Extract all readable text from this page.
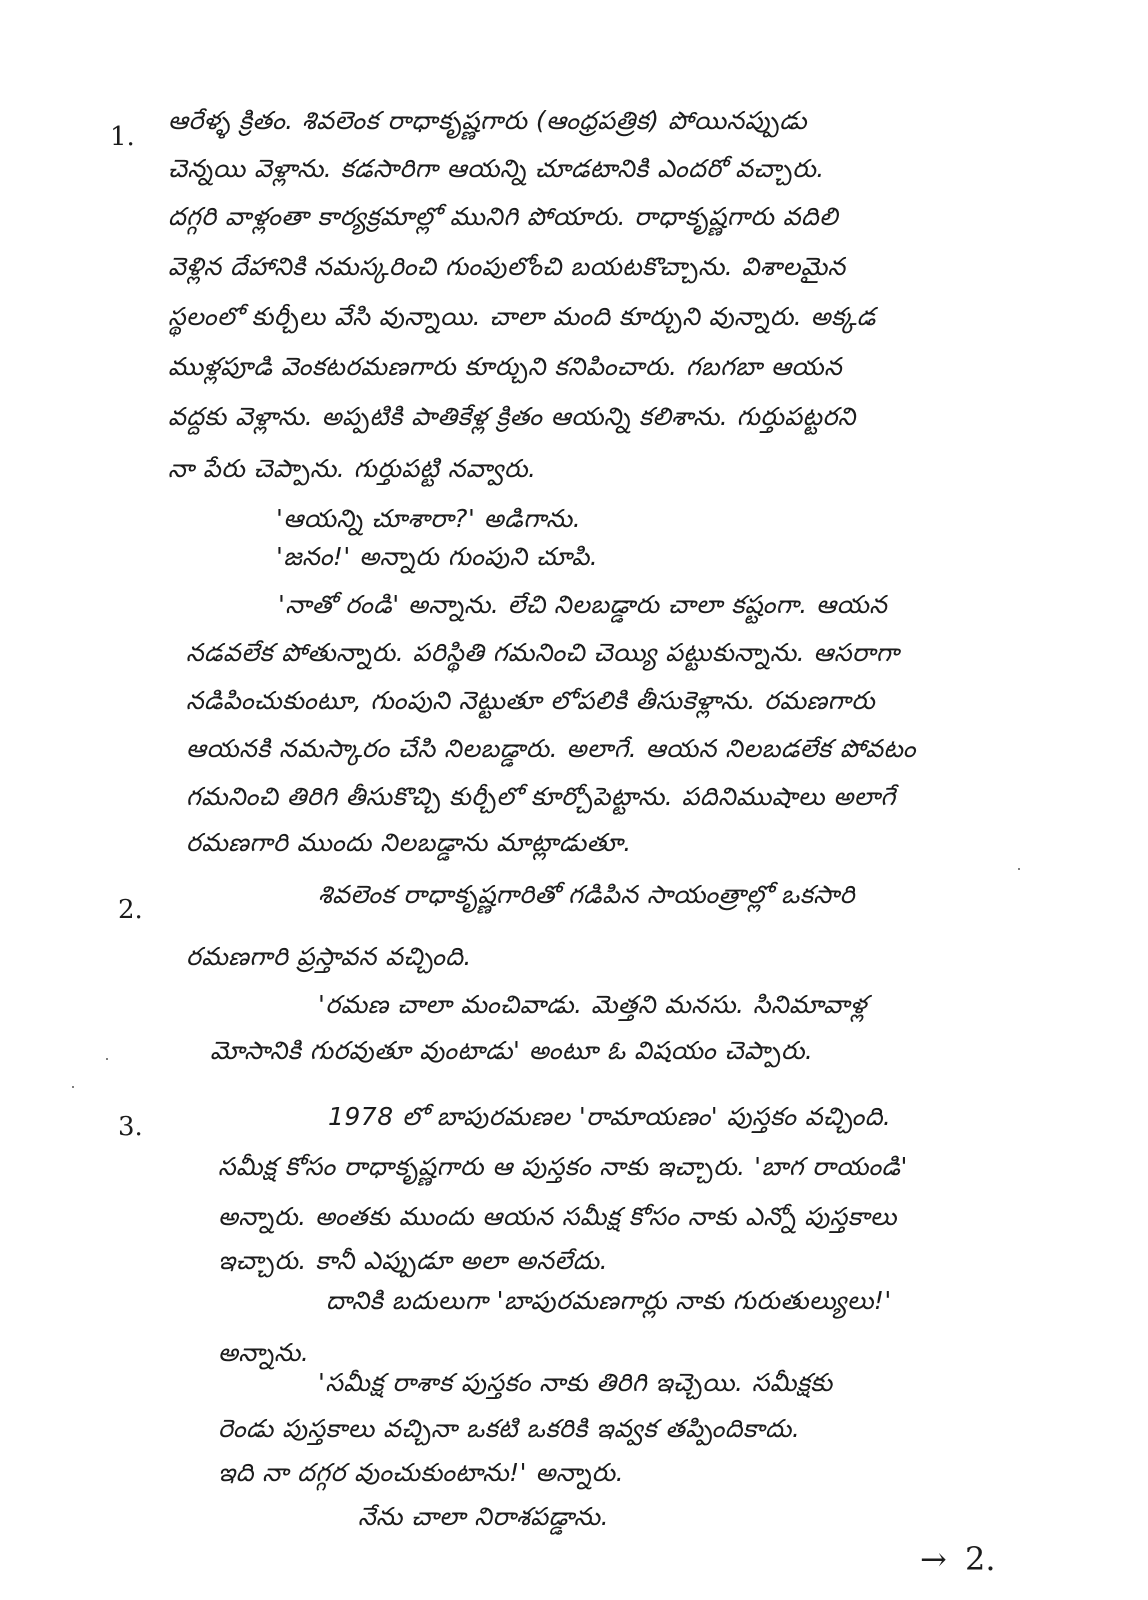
1.
ఆరేళ్ళ క్రితం. శివలెంక రాధాకృష్ణగారు (ఆంధ్రపత్రిక) పోయినప్పుడు
చెన్నయి వెళ్లాను. కడసారిగా ఆయన్ని చూడటానికి ఎందరో వచ్చారు.
దగ్గరి వాళ్లంతా కార్యక్రమాల్లో మునిగి పోయారు. రాధాకృష్ణగారు వదిలి
వెళ్లిన దేహానికి నమస్కరించి గుంపులోంచి బయటకొచ్చాను. విశాలమైన
స్థలంలో కుర్చీలు వేసి వున్నాయి. చాలా మంది కూర్చుని వున్నారు. అక్కడ
ముళ్లపూడి వెంకటరమణగారు కూర్చుని కనిపించారు. గబగబా ఆయన
వద్దకు వెళ్లాను. అప్పటికి పాతికేళ్ల క్రితం ఆయన్ని కలిశాను. గుర్తుపట్టరని
నా పేరు చెప్పాను. గుర్తుపట్టి నవ్వారు.
'ఆయన్ని చూశారా?' అడిగాను.
'జనం!' అన్నారు గుంపుని చూపి.
'నాతో రండి' అన్నాను. లేచి నిలబడ్డారు చాలా కష్టంగా. ఆయన
నడవలేక పోతున్నారు. పరిస్థితి గమనించి చెయ్యి పట్టుకున్నాను. ఆసరాగా
నడిపించుకుంటూ, గుంపుని నెట్టుతూ లోపలికి తీసుకెళ్లాను. రమణగారు
ఆయనకి నమస్కారం చేసి నిలబడ్డారు. అలాగే. ఆయన నిలబడలేక పోవటం
గమనించి తిరిగి తీసుకొచ్చి కుర్చీలో కూర్చోపెట్టాను. పదినిముషాలు అలాగే
రమణగారి ముందు నిలబడ్డాను మాట్లాడుతూ.
2.
శివలెంక రాధాకృష్ణగారితో గడిపిన సాయంత్రాల్లో ఒకసారి
రమణగారి ప్రస్తావన వచ్చింది.
'రమణ చాలా మంచివాడు. మెత్తని మనసు. సినిమావాళ్ల
మోసానికి గురవుతూ వుంటాడు' అంటూ ఓ విషయం చెప్పారు.
3.	1978 లో బాపురమణల 'రామాయణం' పుస్తకం వచ్చింది.
సమీక్ష కోసం రాధాకృష్ణగారు ఆ పుస్తకం నాకు ఇచ్చారు. 'బాగ రాయండి'
అన్నారు. అంతకు ముందు ఆయన సమీక్ష కోసం నాకు ఎన్నో పుస్తకాలు
ఇచ్చారు. కానీ ఎప్పుడూ అలా అనలేదు.
దానికి బదులుగా 'బాపురమణగార్లు నాకు గురుతుల్యులు!'
అన్నాను.
'సమీక్ష రాశాక పుస్తకం నాకు తిరిగి ఇచ్చెయి. సమీక్షకు
రెండు పుస్తకాలు వచ్చినా ఒకటి ఒకరికి ఇవ్వక తప్పిందికాదు.
ఇది నా దగ్గర వుంచుకుంటాను!' అన్నారు.
నేను చాలా నిరాశపడ్డాను.
→ 2.
